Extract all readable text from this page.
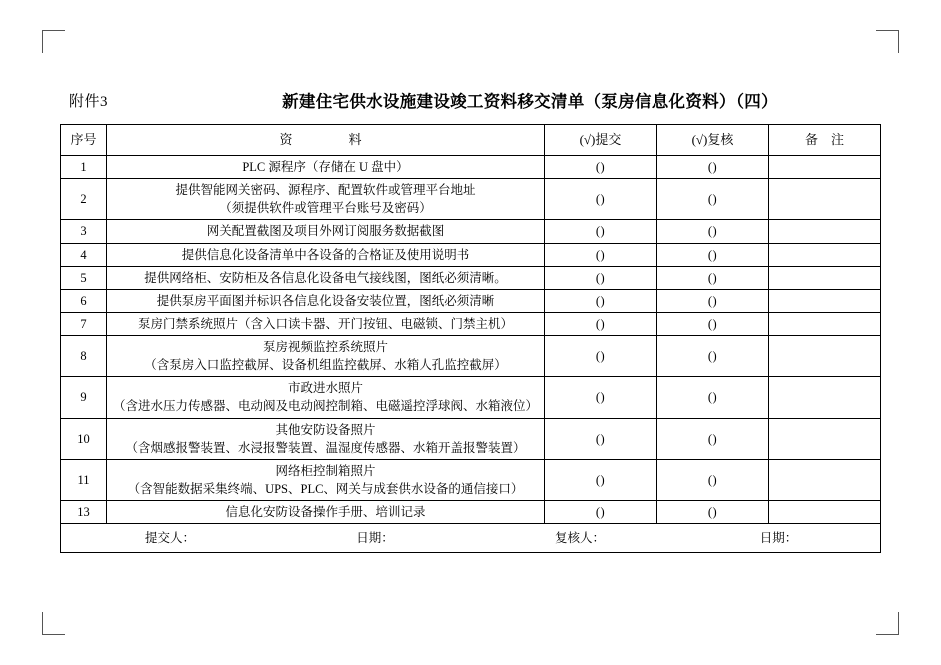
附件3	新建住宅供水设施建设竣工资料移交清单（泵房信息化资料）（四）
序号	资　　料	(√)提交	(√)复核	备　注
1	PLC 源程序（存储在 U 盘中）	()	()	
2	提供智能网关密码、源程序、配置软件或管理平台地址
（须提供软件或管理平台账号及密码）	()	()	
3	网关配置截图及项目外网订阅服务数据截图	()	()	
4	提供信息化设备清单中各设备的合格证及使用说明书	()	()	
5	提供网络柜、安防柜及各信息化设备电气接线图，图纸必须清晰。	()	()	
6	提供泵房平面图并标识各信息化设备安装位置，图纸必须清晰	()	()	
7	泵房门禁系统照片（含入口读卡器、开门按钮、电磁锁、门禁主机）	()	()	
8	泵房视频监控系统照片
（含泵房入口监控截屏、设备机组监控截屏、水箱人孔监控截屏）	()	()	
9	市政进水照片
（含进水压力传感器、电动阀及电动阀控制箱、电磁遥控浮球阀、水箱液位）	()	()	
10	其他安防设备照片
（含烟感报警装置、水浸报警装置、温湿度传感器、水箱开盖报警装置）	()	()	
11	网络柜控制箱照片
（含智能数据采集终端、UPS、PLC、网关与成套供水设备的通信接口）	()	()	
13	信息化安防设备操作手册、培训记录	()	()	

提交人： 日期： 复核人： 日期：				
